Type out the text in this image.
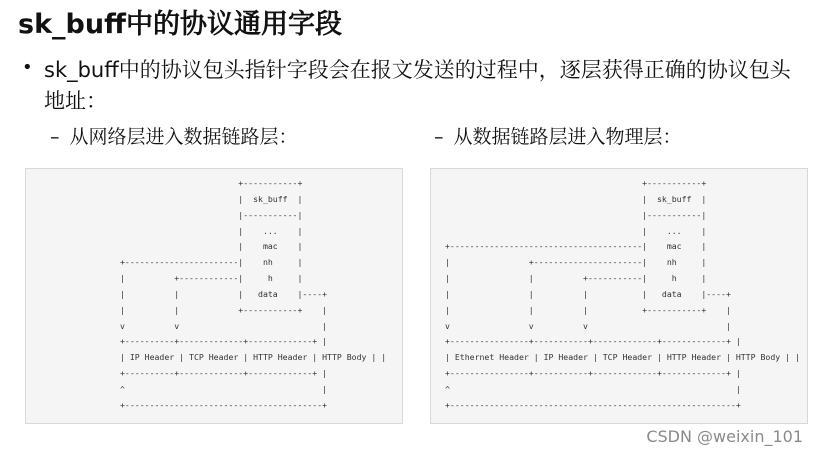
sk_buff中的协议通用字段
• sk_buff中的协议包头指针字段会在报文发送的过程中，逐层获得正确的协议包头地址：
– 从网络层进入数据链路层：	– 从数据链路层进入物理层：
+-----------+
|  sk_buff  |
|-----------|
|    ...    |
|    mac    |
+-----------------------|    nh     |
|          +------------|     h     |
|          |            |   data    |----+
|          |            +-----------+    |
v          v                             |
+----------+-------------+-------------+ |
| IP Header | TCP Header | HTTP Header | HTTP Body | |
+----------+-------------+-------------+ |
^                                        |
+----------------------------------------+
+-----------+
|  sk_buff  |
|-----------|
|    ...    |
+---------------------------------------|    mac    |
|                +----------------------|    nh     |
|                |          +-----------|     h     |
|                |          |           |   data    |----+
|                |          |           +-----------+    |
v                v          v                            |
+----------------+-----------+-------------+-------------+ |
| Ethernet Header | IP Header | TCP Header | HTTP Header | HTTP Body | |
+----------------+-----------+-------------+-------------+ |
^                                                          |
+----------------------------------------------------------+
CSDN @weixin_101
